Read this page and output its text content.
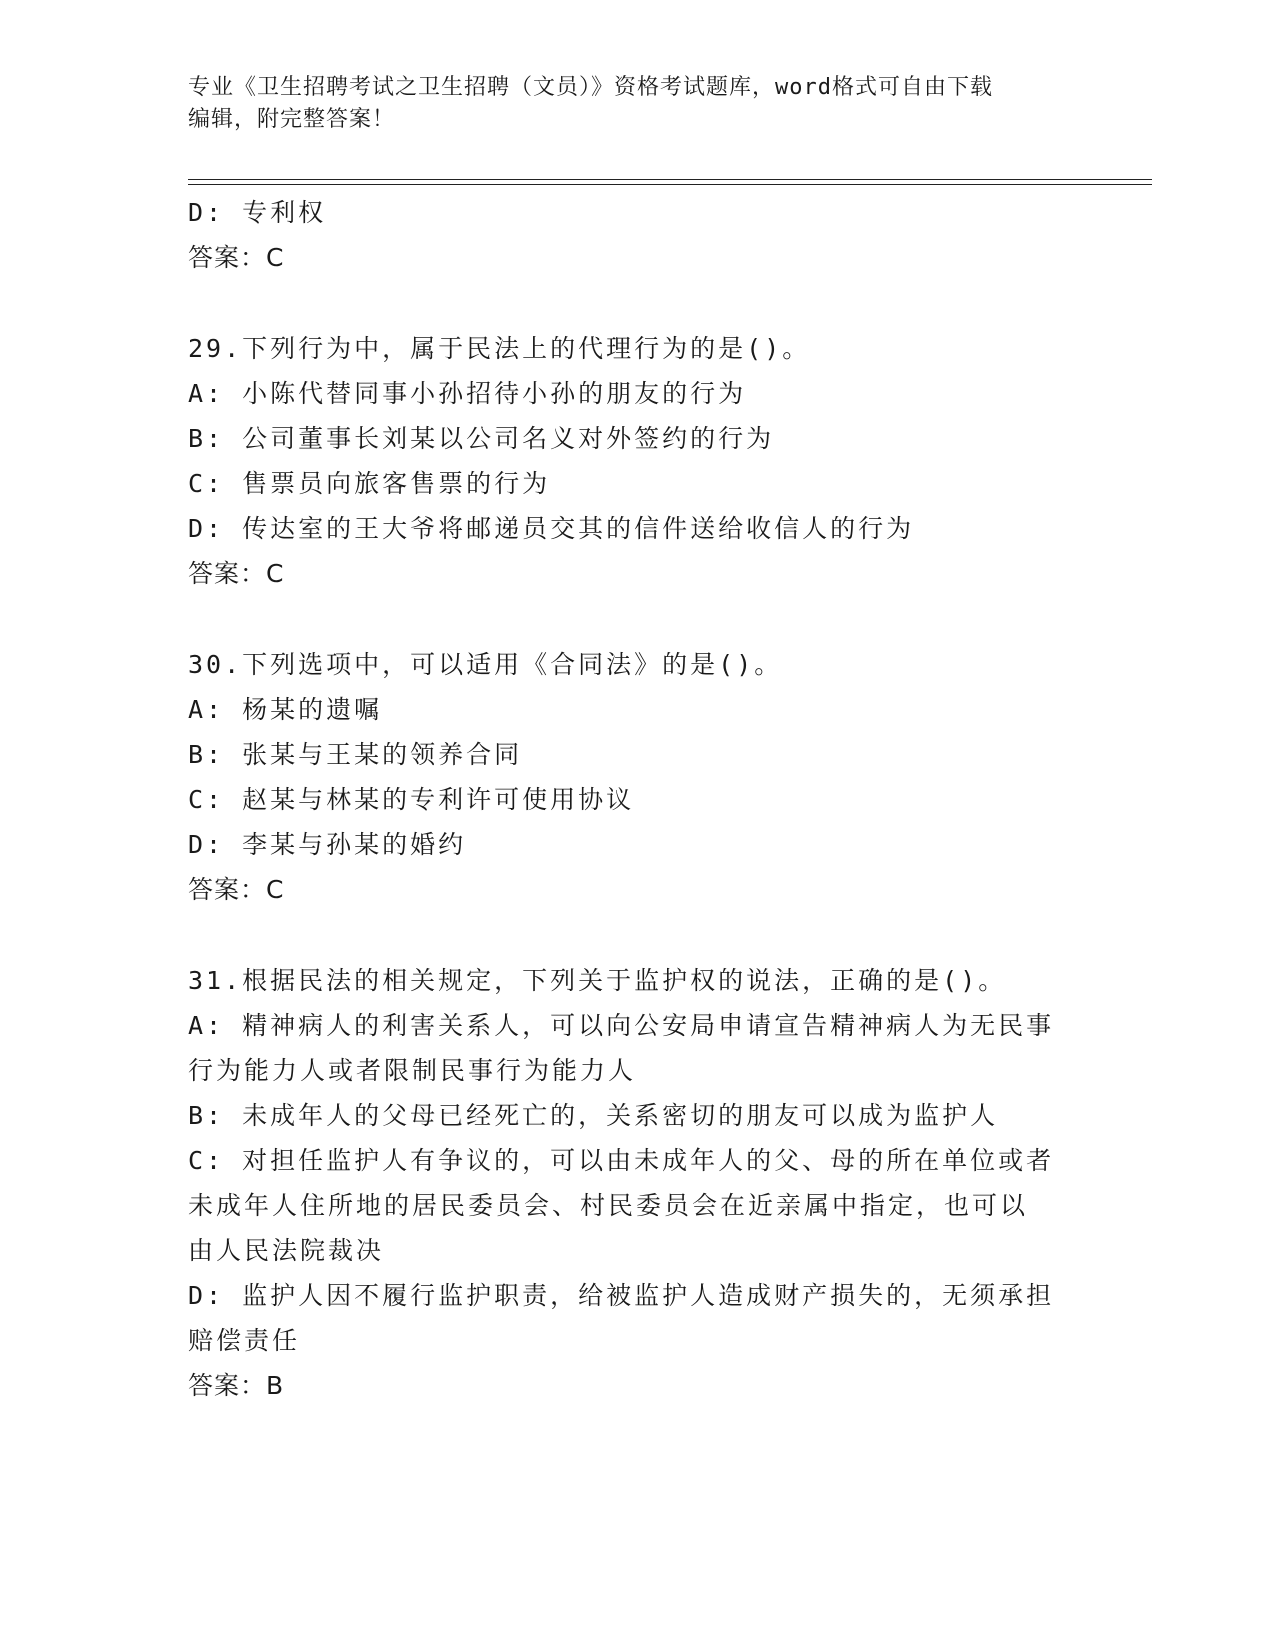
专业《卫生招聘考试之卫生招聘（文员）》资格考试题库，word格式可自由下载
编辑，附完整答案！
D: 专利权
答案：C
29.下列行为中，属于民法上的代理行为的是()。
A: 小陈代替同事小孙招待小孙的朋友的行为
B: 公司董事长刘某以公司名义对外签约的行为
C: 售票员向旅客售票的行为
D: 传达室的王大爷将邮递员交其的信件送给收信人的行为
答案：C
30.下列选项中，可以适用《合同法》的是()。
A: 杨某的遗嘱
B: 张某与王某的领养合同
C: 赵某与林某的专利许可使用协议
D: 李某与孙某的婚约
答案：C
31.根据民法的相关规定，下列关于监护权的说法，正确的是()。
A: 精神病人的利害关系人，可以向公安局申请宣告精神病人为无民事
行为能力人或者限制民事行为能力人
B: 未成年人的父母已经死亡的，关系密切的朋友可以成为监护人
C: 对担任监护人有争议的，可以由未成年人的父、母的所在单位或者
未成年人住所地的居民委员会、村民委员会在近亲属中指定，也可以
由人民法院裁决
D: 监护人因不履行监护职责，给被监护人造成财产损失的，无须承担
赔偿责任
答案：B
